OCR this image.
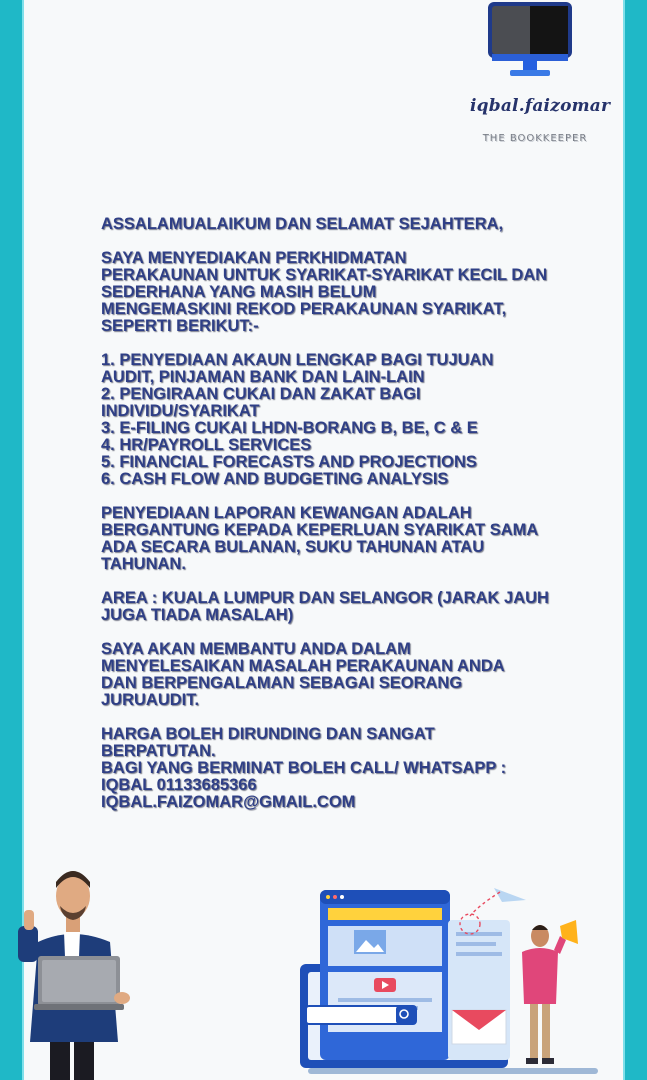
iqbal.faizomar
THE BOOKKEEPER

ASSALAMUALAIKUM DAN SELAMAT SEJAHTERA,

SAYA MENYEDIAKAN PERKHIDMATAN
PERAKAUNAN UNTUK SYARIKAT-SYARIKAT KECIL DAN
SEDERHANA YANG MASIH BELUM
MENGEMASKINI REKOD PERAKAUNAN SYARIKAT,
SEPERTI BERIKUT:-

1. PENYEDIAAN AKAUN LENGKAP BAGI TUJUAN
AUDIT, PINJAMAN BANK DAN LAIN-LAIN
2. PENGIRAAN CUKAI DAN ZAKAT BAGI
INDIVIDU/SYARIKAT
3. E-FILING CUKAI LHDN-BORANG B, BE, C & E
4. HR/PAYROLL SERVICES
5. FINANCIAL FORECASTS AND PROJECTIONS
6. CASH FLOW AND BUDGETING ANALYSIS

PENYEDIAAN LAPORAN KEWANGAN ADALAH
BERGANTUNG KEPADA KEPERLUAN SYARIKAT SAMA
ADA SECARA BULANAN, SUKU TAHUNAN ATAU
TAHUNAN.

AREA : KUALA LUMPUR DAN SELANGOR (JARAK JAUH
JUGA TIADA MASALAH)

SAYA AKAN MEMBANTU ANDA DALAM
MENYELESAIKAN MASALAH PERAKAUNAN ANDA
DAN BERPENGALAMAN SEBAGAI SEORANG
JURUAUDIT.

HARGA BOLEH DIRUNDING DAN SANGAT
BERPATUTAN.
BAGI YANG BERMINAT BOLEH CALL/ WHATSAPP :
IQBAL 01133685366
IQBAL.FAIZOMAR@GMAIL.COM
